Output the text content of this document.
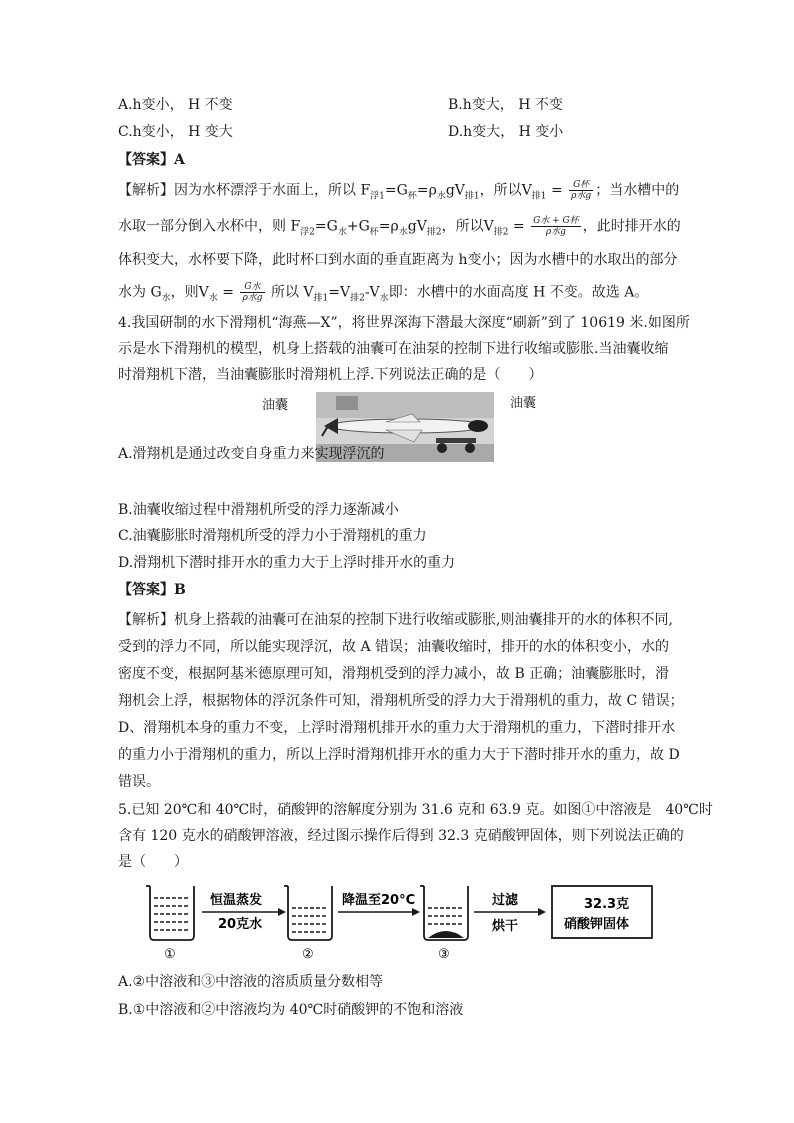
A.h变小， H 不变	B.h变大， H 不变
C.h变小， H 变大	D.h变大， H 变小
【答案】A
【解析】因为水杯漂浮于水面上，所以 $F_{浮1}=G_杯=\rho_水gV_{排1}$，所以$V_{排1} = \frac{\text{G杯}}{\text{ρ水g}}$ ；当水槽中的
水取一部分倒入水杯中，则 $F_{浮2}=G_水+G_杯=\rho_水gV_{排2}$，所以$V_{排2} = \frac{\text{G水 + G杯}}{\text{ρ水g}}$ ，此时排开水的
体积变大，水杯要下降，此时杯口到水面的垂直距离为 h变小；因为水槽中的水取出的部分
水为 $G_水$，则$V_水 = \frac{\text{G水}}{\text{ρ水g}}$ 所以 $V_{排1}=V_{排2}-V_水$即：水槽中的水面高度 H 不变。故选 A。
4.我国研制的水下滑翔机“海燕—X”，将世界深海下潜最大深度“刷新”到了 10619 米.如图所
示是水下滑翔机的模型，机身上搭载的油囊可在油泵的控制下进行收缩或膨胀.当油囊收缩
时滑翔机下潜，当油囊膨胀时滑翔机上浮.下列说法正确的是（　　）
油囊	油囊
A.滑翔机是通过改变自身重力来实现浮沉的
B.油囊收缩过程中滑翔机所受的浮力逐渐减小
C.油囊膨胀时滑翔机所受的浮力小于滑翔机的重力
D.滑翔机下潜时排开水的重力大于上浮时排开水的重力
【答案】B
【解析】机身上搭载的油囊可在油泵的控制下进行收缩或膨胀,则油囊排开的水的体积不同,
受到的浮力不同，所以能实现浮沉，故 A 错误；油囊收缩时，排开的水的体积变小，水的
密度不变，根据阿基米德原理可知，滑翔机受到的浮力减小，故 B 正确；油囊膨胀时，滑
翔机会上浮，根据物体的浮沉条件可知，滑翔机所受的浮力大于滑翔机的重力，故 C 错误；
D、滑翔机本身的重力不变，上浮时滑翔机排开水的重力大于滑翔机的重力，下潜时排开水
的重力小于滑翔机的重力，所以上浮时滑翔机排开水的重力大于下潜时排开水的重力，故 D
错误。
5.已知 20℃和 40℃时，硝酸钾的溶解度分别为 31.6 克和 63.9 克。如图①中溶液是　40℃时
含有 120 克水的硝酸钾溶液，经过图示操作后得到 32.3 克硝酸钾固体，则下列说法正确的
是（　　）
①
恒温蒸发
20克水
②
降温至20°C
③
过滤
烘干
32.3克
硝酸钾固体
A.②中溶液和③中溶液的溶质质量分数相等
B.①中溶液和②中溶液均为 40℃时硝酸钾的不饱和溶液
